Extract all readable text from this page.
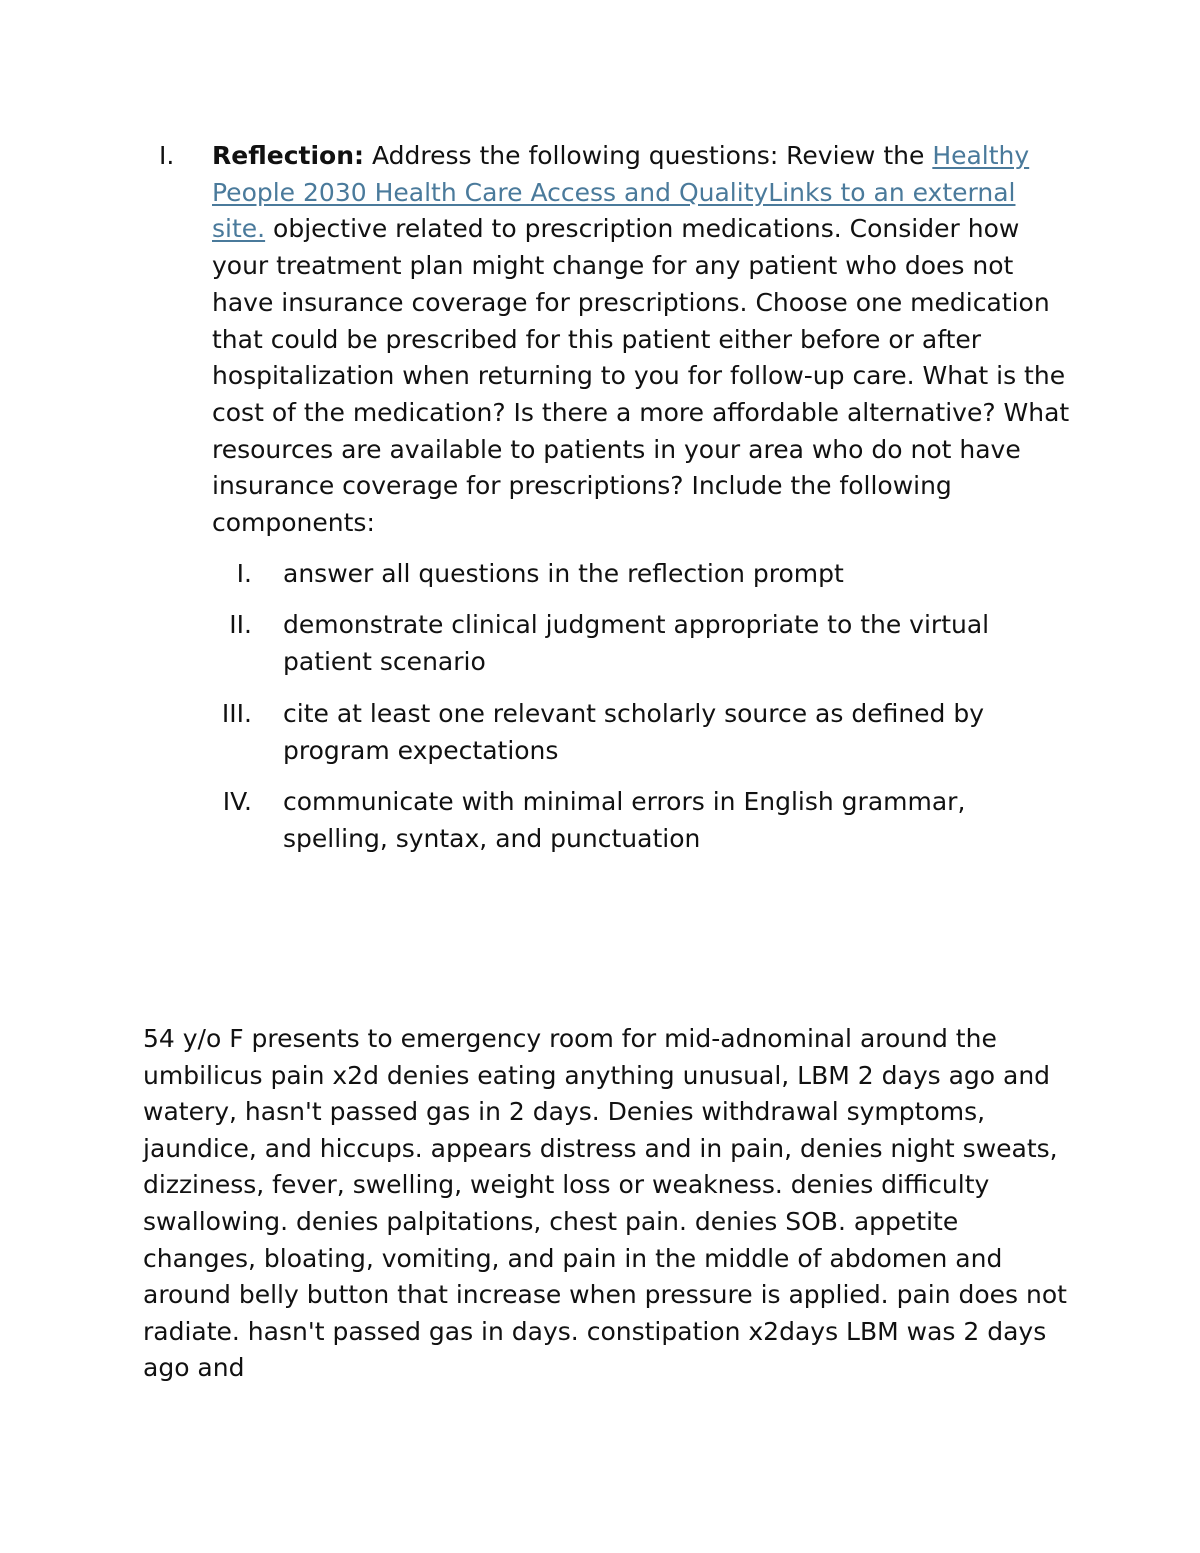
I.	Reflection: Address the following questions: Review the Healthy People 2030 Health Care Access and QualityLinks to an external site. objective related to prescription medications. Consider how your treatment plan might change for any patient who does not have insurance coverage for prescriptions. Choose one medication that could be prescribed for this patient either before or after hospitalization when returning to you for follow-up care. What is the cost of the medication? Is there a more affordable alternative? What resources are available to patients in your area who do not have insurance coverage for prescriptions? Include the following components:
I. answer all questions in the reflection prompt
II. demonstrate clinical judgment appropriate to the virtual patient scenario
III. cite at least one relevant scholarly source as defined by program expectations
IV. communicate with minimal errors in English grammar, spelling, syntax, and punctuation
54 y/o F presents to emergency room for mid-adnominal around the umbilicus pain x2d denies eating anything unusual, LBM 2 days ago and watery, hasn't passed gas in 2 days. Denies withdrawal symptoms, jaundice, and hiccups. appears distress and in pain, denies night sweats, dizziness, fever, swelling, weight loss or weakness. denies difficulty swallowing. denies palpitations, chest pain. denies SOB. appetite changes, bloating, vomiting, and pain in the middle of abdomen and around belly button that increase when pressure is applied. pain does not radiate. hasn't passed gas in days. constipation x2days LBM was 2 days ago and
